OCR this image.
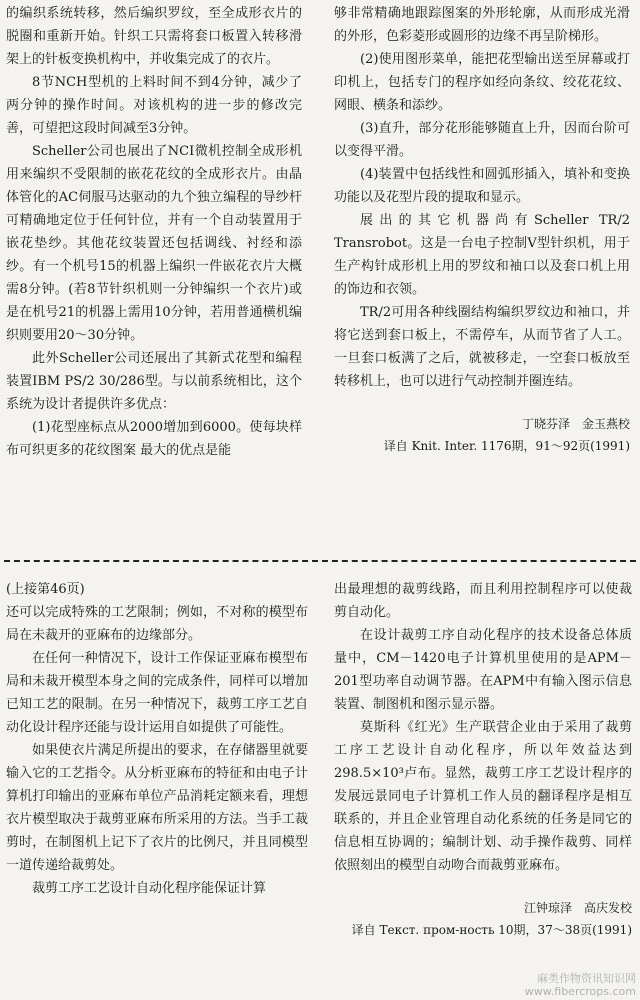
的编织系统转移，然后编织罗纹，至全成形衣片的脱圈和重新开始。针织工只需将套口板置入转移滑架上的针板变换机构中，并收集完成了的衣片。

8节NCH型机的上料时间不到4分钟，减少了两分钟的操作时间。对该机构的进一步的修改完善，可望把这段时间减至3分钟。

Scheller公司也展出了NCI微机控制全成形机用来编织不受限制的嵌花花纹的全成形衣片。由晶体管化的AC伺服马达驱动的九个独立编程的导纱杆可精确地定位于任何针位，并有一个自动装置用于嵌花垫纱。其他花纹装置还包括调线、衬经和添纱。有一个机号15的机器上编织一件嵌花衣片大概需8分钟。(若8节针织机则一分钟编织一个衣片)或是在机号21的机器上需用10分钟，若用普通横机编织则要用20～30分钟。

此外Scheller公司还展出了其新式花型和编程装置IBM PS/2 30/286型。与以前系统相比，这个系统为设计者提供许多优点：

(1)花型座标点从2000增加到6000。使每块样布可织更多的花纹图案 最大的优点是能

够非常精确地跟踪图案的外形轮廓，从而形成光滑的外形，色彩菱形或圆形的边缘不再呈阶梯形。

(2)使用图形菜单，能把花型输出送至屏幕或打印机上，包括专门的程序如经向条纹、绞花花纹、网眼、横条和添纱。

(3)直升，部分花形能够随直上升，因而台阶可以变得平滑。

(4)装置中包括线性和圆弧形插入，填补和变换功能以及花型片段的提取和显示。

展出的其它机器尚有Scheller TR/2 Transrobot。这是一台电子控制V型针织机，用于生产构针成形机上用的罗纹和袖口以及套口机上用的饰边和衣领。

TR/2可用各种线圈结构编织罗纹边和袖口，并将它送到套口板上，不需停车，从而节省了人工。一旦套口板满了之后，就被移走，一空套口板放至转移机上，也可以进行气动控制并圈连结。

丁晓芬泽　金玉燕校

译自 Knit. Inter. 1176期，91～92页(1991)

(上接第46页)

还可以完成特殊的工艺限制；例如，不对称的模型布局在未裁开的亚麻布的边缘部分。

在任何一种情况下，设计工作保证亚麻布模型布局和未裁开模型本身之间的完成条件，同样可以增加已知工艺的限制。在另一种情况下，裁剪工序工艺自动化设计程序还能与设计运用自如提供了可能性。

如果使衣片满足所提出的要求，在存储器里就要输入它的工艺指令。从分析亚麻布的特征和由电子计算机打印输出的亚麻布单位产品消耗定额来看，理想衣片模型取决于裁剪亚麻布所采用的方法。当手工裁剪时，在制图机上记下了衣片的比例尺，并且同模型一道传递给裁剪处。

裁剪工序工艺设计自动化程序能保证计算

出最理想的裁剪线路，而且利用控制程序可以使裁剪自动化。

在设计裁剪工序自动化程序的技术设备总体质量中，CM－1420电子计算机里使用的是APM－201型功率自动调节器。在APM中有输入图示信息装置、制图机和图示显示器。

莫斯科《红光》生产联营企业由于采用了裁剪工序工艺设计自动化程序，所以年效益达到298.5×10³卢布。显然，裁剪工序工艺设计程序的发展远景同电子计算机工作人员的翻译程序是相互联系的，并且企业管理自动化系统的任务是同它的信息相互协调的；编制计划、动手操作裁剪、同样依照刻出的模型自动吻合而裁剪亚麻布。

江钟琼泽　高庆发校

译自 Текст. пром-ность 10期，37～38页(1991)

麻类作物资讯知识网
www.fibercrops.com
